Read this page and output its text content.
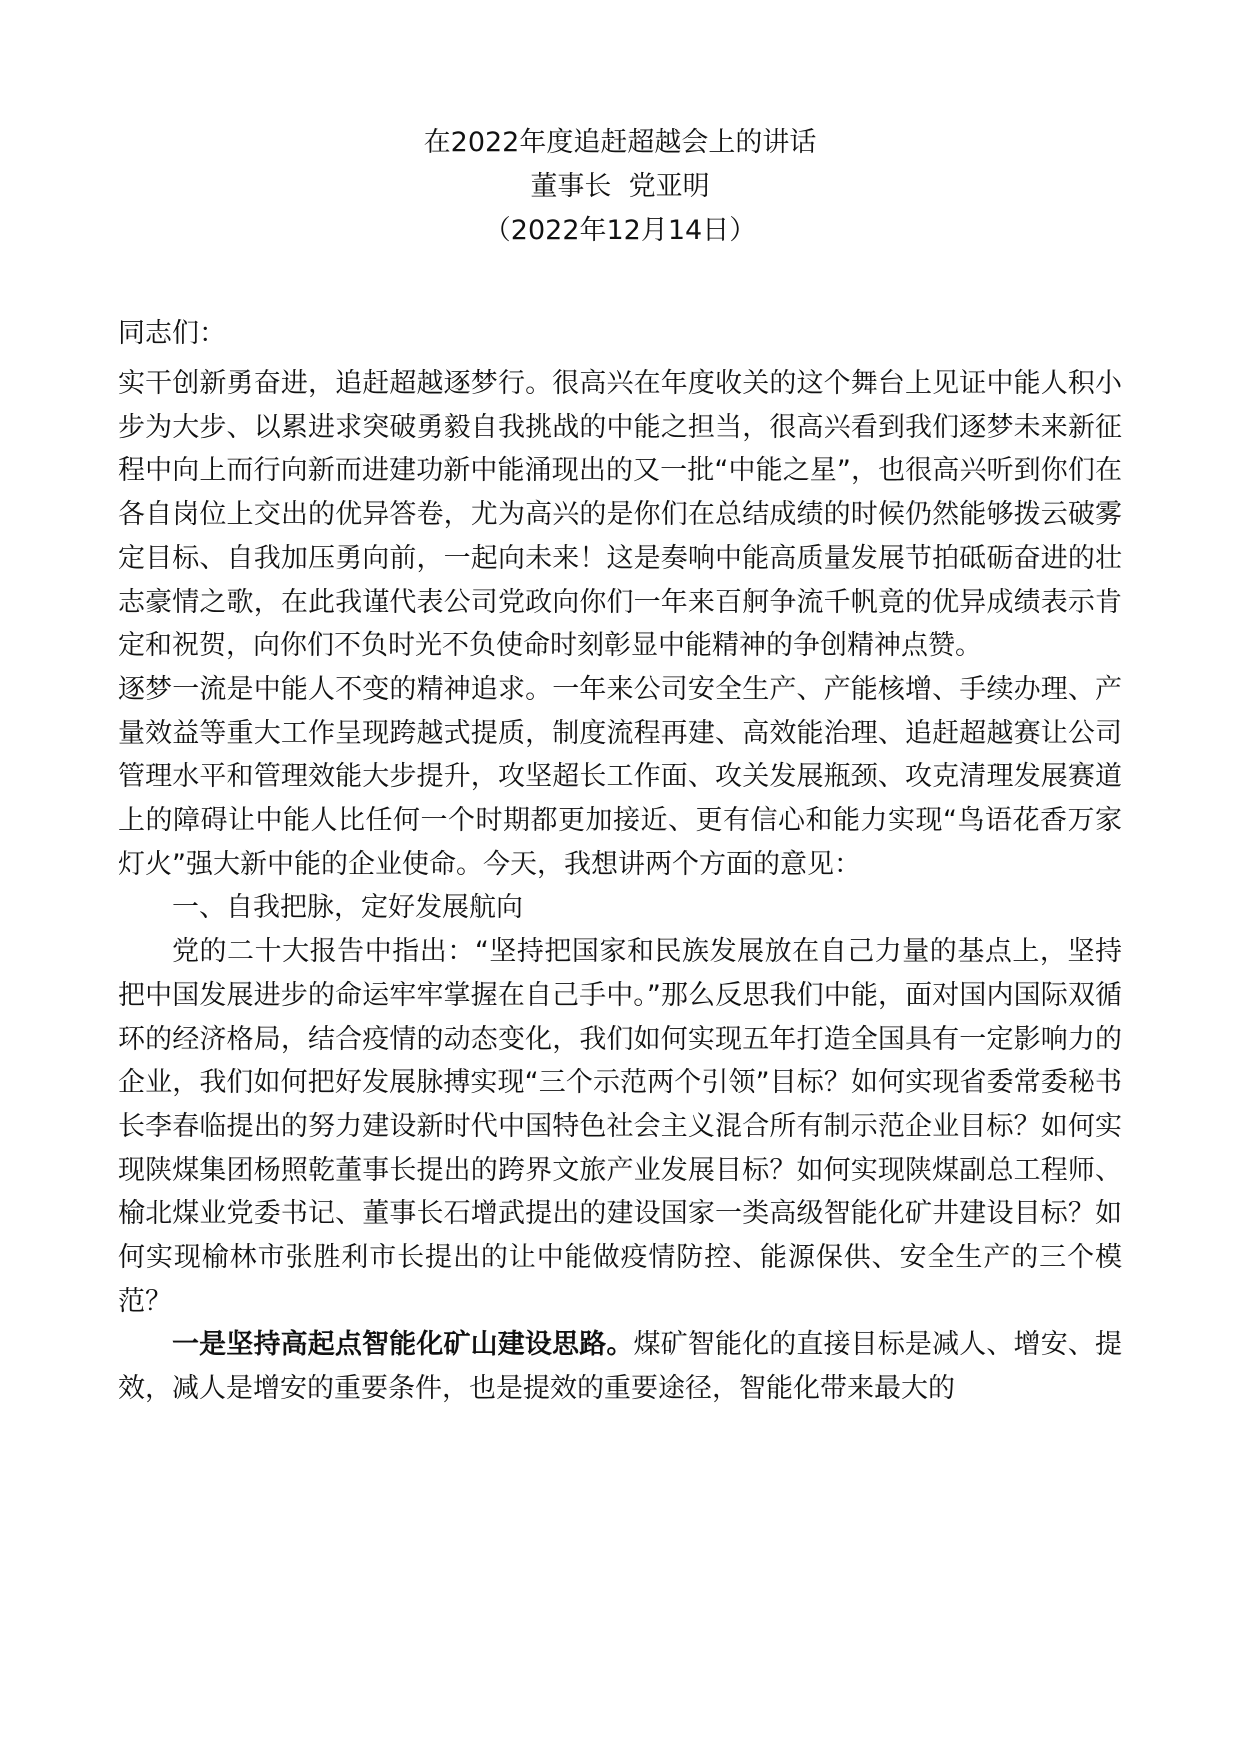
在2022年度追赶超越会上的讲话
董事长  党亚明
（2022年12月14日）
同志们：

实干创新勇奋进，追赶超越逐梦行。很高兴在年度收关的这个舞台上见证中能人积小步为大步、以累进求突破勇毅自我挑战的中能之担当，很高兴看到我们逐梦未来新征程中向上而行向新而进建功新中能涌现出的又一批“中能之星”，也很高兴听到你们在各自岗位上交出的优异答卷，尤为高兴的是你们在总结成绩的时候仍然能够拨云破雾定目标、自我加压勇向前，一起向未来！这是奏响中能高质量发展节拍砥砺奋进的壮志豪情之歌，在此我谨代表公司党政向你们一年来百舸争流千帆竟的优异成绩表示肯定和祝贺，向你们不负时光不负使命时刻彰显中能精神的争创精神点赞。

逐梦一流是中能人不变的精神追求。一年来公司安全生产、产能核增、手续办理、产量效益等重大工作呈现跨越式提质，制度流程再建、高效能治理、追赶超越赛让公司管理水平和管理效能大步提升，攻坚超长工作面、攻关发展瓶颈、攻克清理发展赛道上的障碍让中能人比任何一个时期都更加接近、更有信心和能力实现“鸟语花香万家灯火”强大新中能的企业使命。今天，我想讲两个方面的意见：

一、自我把脉，定好发展航向

党的二十大报告中指出：“坚持把国家和民族发展放在自己力量的基点上，坚持把中国发展进步的命运牢牢掌握在自己手中。”那么反思我们中能，面对国内国际双循环的经济格局，结合疫情的动态变化，我们如何实现五年打造全国具有一定影响力的企业，我们如何把好发展脉搏实现“三个示范两个引领”目标？如何实现省委常委秘书长李春临提出的努力建设新时代中国特色社会主义混合所有制示范企业目标？如何实现陕煤集团杨照乾董事长提出的跨界文旅产业发展目标？如何实现陕煤副总工程师、榆北煤业党委书记、董事长石增武提出的建设国家一类高级智能化矿井建设目标？如何实现榆林市张胜利市长提出的让中能做疫情防控、能源保供、安全生产的三个模范？

一是坚持高起点智能化矿山建设思路。煤矿智能化的直接目标是减人、增安、提效，减人是增安的重要条件，也是提效的重要途径，智能化带来最大的
